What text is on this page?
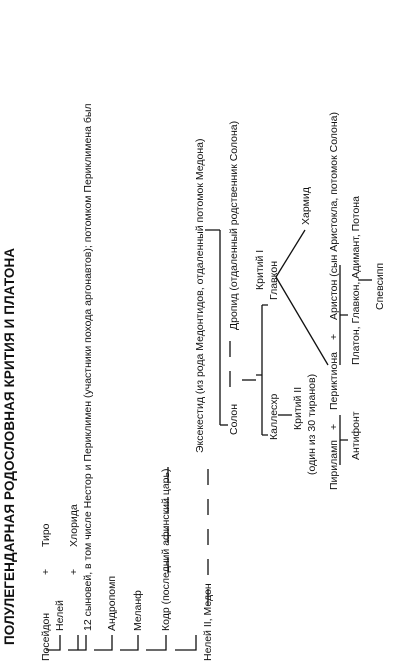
ПОЛУЛЕГЕНДАРНАЯ РОДОСЛОВНАЯ КРИТИЯ И ПЛАТОНА Посейдон
+
Тиро
Нелей
+
Хлорида 12 сыновей, в том числе Нестор и Периклимен (участники похода аргонавтов); потомком Периклимена был Андропомп Меланф Кодр (последний афинский царь)	Нелей II, Медон
Эксекестид (из рода Медонтидов, отдаленный потомок Медона) Солон
Дропид (отдаленный родственник Солона) Критий I
Каллесхр
Главкон
Хармид
Критий II (один из 30 тиранов) Пириламп
+
Периктиона
+
Аристон (сын Аристокла, потомок Солона)
Антифонт
Платон, Главкон, Адимант, Потона Спевсипп
